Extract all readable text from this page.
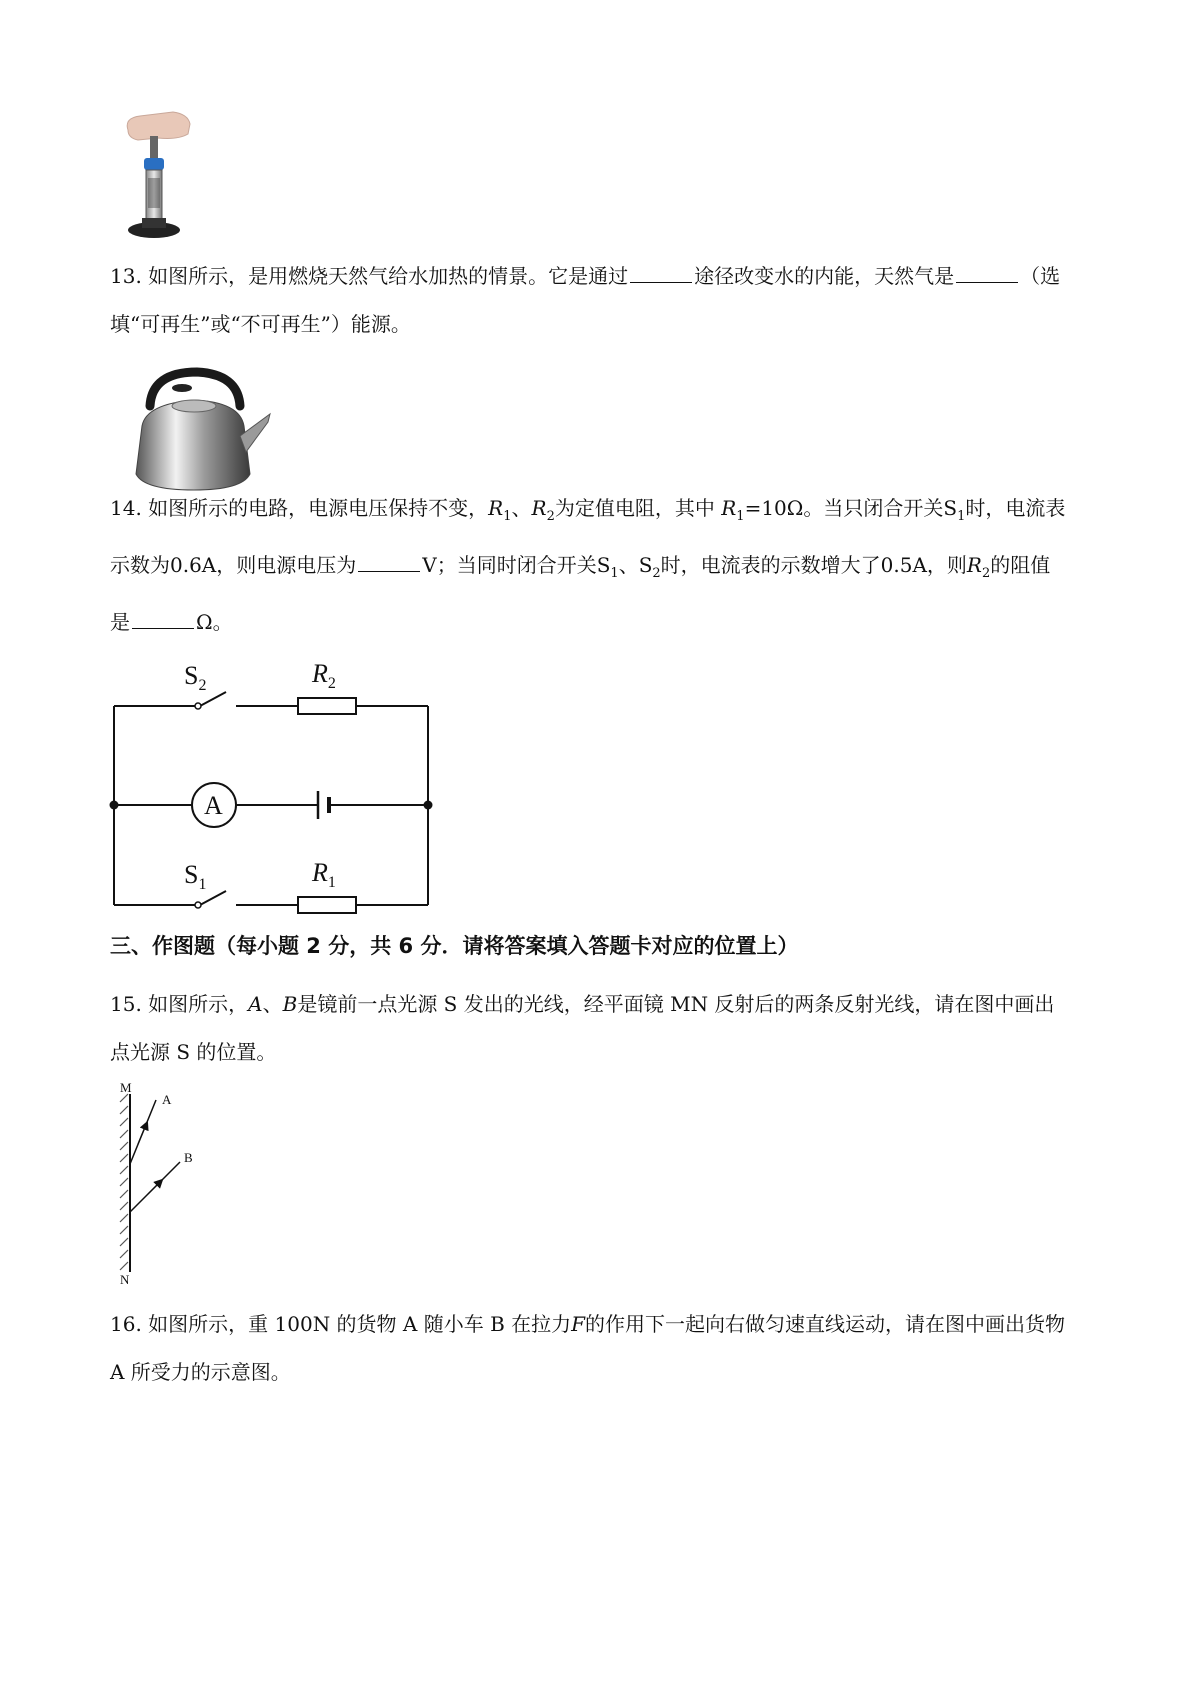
13. 如图所示，是用燃烧天然气给水加热的情景。它是通过	途径改变水的内能，天然气是	（选
填“可再生”或“不可再生”）能源。
14. 如图所示的电路，电源电压保持不变，$R_1$、$R_2$为定值电阻，其中 $R_1=10\Omega$。当只闭合开关$S_1$时，电流表
示数为0.6A，则电源电压为	V；当同时闭合开关$S_1$、$S_2$时，电流表的示数增大了0.5A，则$R_2$的阻值
是	Ω。
$S_2$	$R_2$
A
$S_1$	$R_1$
三、作图题（每小题 2 分，共 6 分．请将答案填入答题卡对应的位置上）
15. 如图所示，A、B是镜前一点光源 S 发出的光线，经平面镜 MN 反射后的两条反射光线，请在图中画出
点光源 S 的位置。
M
A
B
N
16. 如图所示，重 100N 的货物 A 随小车 B 在拉力F的作用下一起向右做匀速直线运动，请在图中画出货物
A 所受力的示意图。
